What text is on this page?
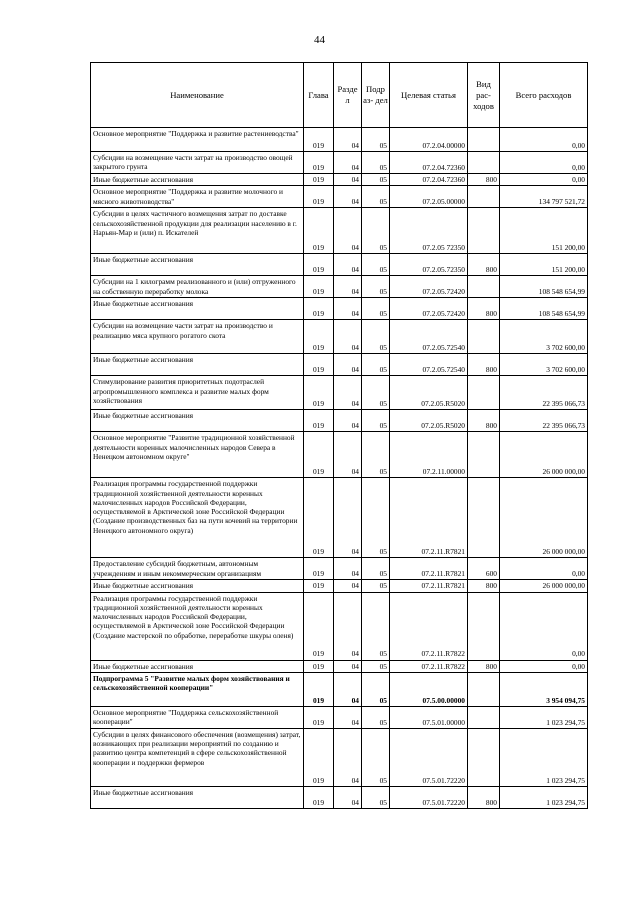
44
Наименование	Глава	Разде л	Подр аз- дел	Целевая статья	Вид рас- ходов	Всего расходов
Основное мероприятие "Поддержка и развитие растениеводства"	019	04	05	07.2.04.00000		0,00
Субсидии на возмещение части затрат на производство овощей закрытого грунта	019	04	05	07.2.04.72360		0,00
Иные бюджетные ассигнования	019	04	05	07.2.04.72360	800	0,00
Основное мероприятие "Поддержка и развитие молочного и мясного животноводства"	019	04	05	07.2.05.00000		134 797 521,72
Субсидии в целях частичного возмещения затрат по доставке сельскохозяйственной продукции для реализации населению в г. Нарьян-Мар и (или) п. Искателей	019	04	05	07.2.05 72350		151 200,00
Иные бюджетные ассигнования	019	04	05	07.2.05.72350	800	151 200,00
Субсидии на 1 килограмм реализованного и (или) отгруженного на собственную переработку молока	019	04	05	07.2.05.72420		108 548 654,99
Иные бюджетные ассигнования	019	04	05	07.2.05.72420	800	108 548 654,99
Субсидии на возмещение части затрат на производство и реализацию мяса крупного рогатого скота	019	04	05	07.2.05.72540		3 702 600,00
Иные бюджетные ассигнования	019	04	05	07.2.05.72540	800	3 702 600,00
Стимулирование развития приоритетных подотраслей агропромышленного комплекса и развитие малых форм хозяйствования	019	04	05	07.2.05.R5020		22 395 066,73
Иные бюджетные ассигнования	019	04	05	07.2.05.R5020	800	22 395 066,73
Основное мероприятие "Развитие традиционной хозяйственной деятельности коренных малочисленных народов Севера в Ненецком автономном округе"	019	04	05	07.2.11.00000		26 000 000,00
Реализация программы государственной поддержки традиционной хозяйственной деятельности коренных малочисленных народов Российской Федерации, осуществляемой в Арктической зоне Российской Федерации (Создание производственных баз на пути кочевий на территории Ненецкого автономного округа)	019	04	05	07.2.11.R7821		26 000 000,00
Предоставление субсидий бюджетным, автономным учреждениям и иным некоммерческим организациям	019	04	05	07.2.11.R7821	600	0,00
Иные бюджетные ассигнования	019	04	05	07.2.11.R7821	800	26 000 000,00
Реализация программы государственной поддержки традиционной хозяйственной деятельности коренных малочисленных народов Российской Федерации, осуществляемой в Арктической зоне Российской Федерации (Создание мастерской по обработке, переработке шкуры оленя)	019	04	05	07.2.11.R7822		0,00
Иные бюджетные ассигнования	019	04	05	07.2.11.R7822	800	0,00
Подпрограмма 5 "Развитие малых форм хозяйствования и сельскохозяйственной кооперации"	019	04	05	07.5.00.00000		3 954 094,75
Основное мероприятие "Поддержка сельскохозяйственной кооперации"	019	04	05	07.5.01.00000		1 023 294,75
Субсидии в целях финансового обеспечения (возмещения) затрат, возникающих при реализации мероприятий по созданию и развитию центра компетенций в сфере сельскохозяйственной кооперации и поддержки фермеров	019	04	05	07.5.01.72220		1 023 294,75
Иные бюджетные ассигнования	019	04	05	07.5.01.72220	800	1 023 294,75
